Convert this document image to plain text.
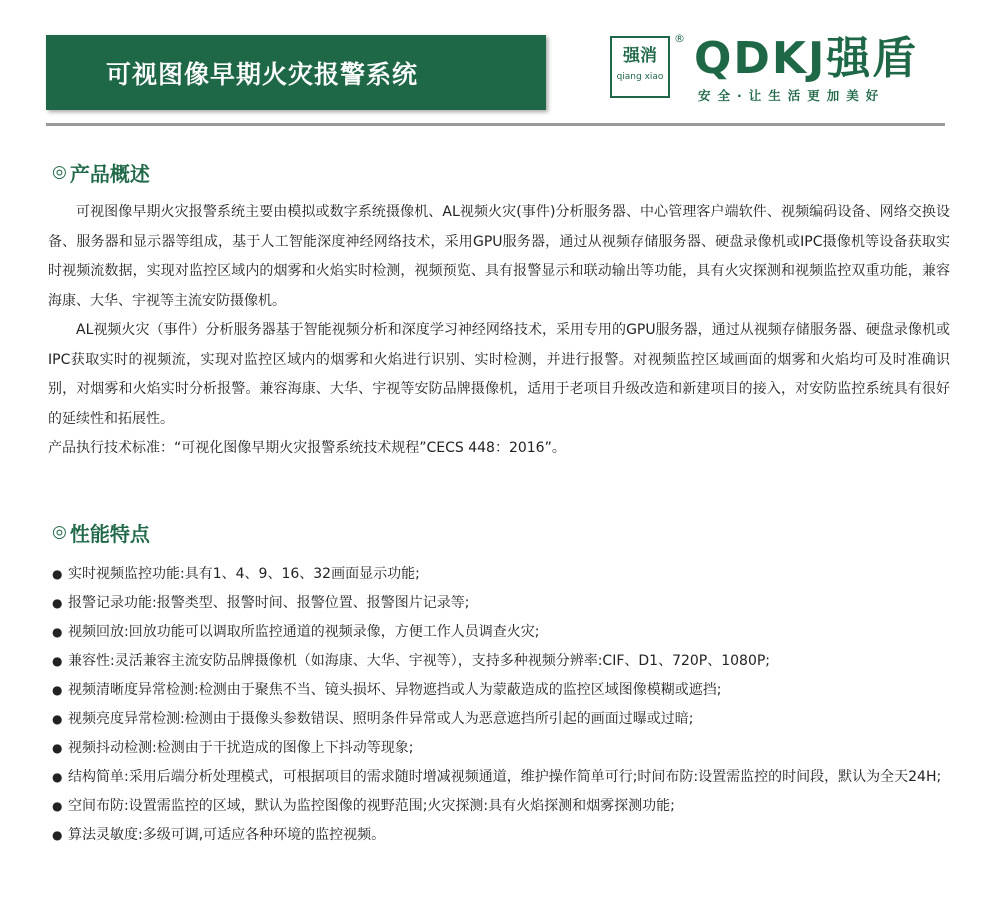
可视图像早期火灾报警系统
强消
qiang xiao
® QDKJ强盾
安全·让生活更加美好
◎ 产品概述

可视图像早期火灾报警系统主要由模拟或数字系统摄像机、AL视频火灾(事件)分析服务器、中心管理客户端软件、视频编码设备、网络交换设备、服务器和显示器等组成，基于人工智能深度神经网络技术，采用GPU服务器，通过从视频存储服务器、硬盘录像机或IPC摄像机等设备获取实时视频流数据，实现对监控区域内的烟雾和火焰实时检测，视频预览、具有报警显示和联动输出等功能，具有火灾探测和视频监控双重功能，兼容海康、大华、宇视等主流安防摄像机。

AL视频火灾（事件）分析服务器基于智能视频分析和深度学习神经网络技术，采用专用的GPU服务器，通过从视频存储服务器、硬盘录像机或IPC获取实时的视频流，实现对监控区域内的烟雾和火焰进行识别、实时检测，并进行报警。对视频监控区域画面的烟雾和火焰均可及时准确识别，对烟雾和火焰实时分析报警。兼容海康、大华、宇视等安防品牌摄像机，适用于老项目升级改造和新建项目的接入，对安防监控系统具有很好的延续性和拓展性。

产品执行技术标准：“可视化图像早期火灾报警系统技术规程”CECS 448：2016”。

◎ 性能特点
● 实时视频监控功能:具有1、4、9、16、32画面显示功能;
● 报警记录功能:报警类型、报警时间、报警位置、报警图片记录等;
● 视频回放:回放功能可以调取所监控通道的视频录像，方便工作人员调查火灾;
● 兼容性:灵活兼容主流安防品牌摄像机（如海康、大华、宇视等），支持多种视频分辨率:CIF、D1、720P、1080P;
● 视频清晰度异常检测:检测由于聚焦不当、镜头损坏、异物遮挡或人为蒙蔽造成的监控区域图像模糊或遮挡;
● 视频亮度异常检测:检测由于摄像头参数错误、照明条件异常或人为恶意遮挡所引起的画面过曝或过暗;
● 视频抖动检测:检测由于干扰造成的图像上下抖动等现象;
● 结构简单:采用后端分析处理模式，可根据项目的需求随时增减视频通道，维护操作简单可行;时间布防:设置需监控的时间段，默认为全天24H;
● 空间布防:设置需监控的区域，默认为监控图像的视野范围;火灾探测:具有火焰探测和烟雾探测功能;
● 算法灵敏度:多级可调,可适应各种环境的监控视频。
